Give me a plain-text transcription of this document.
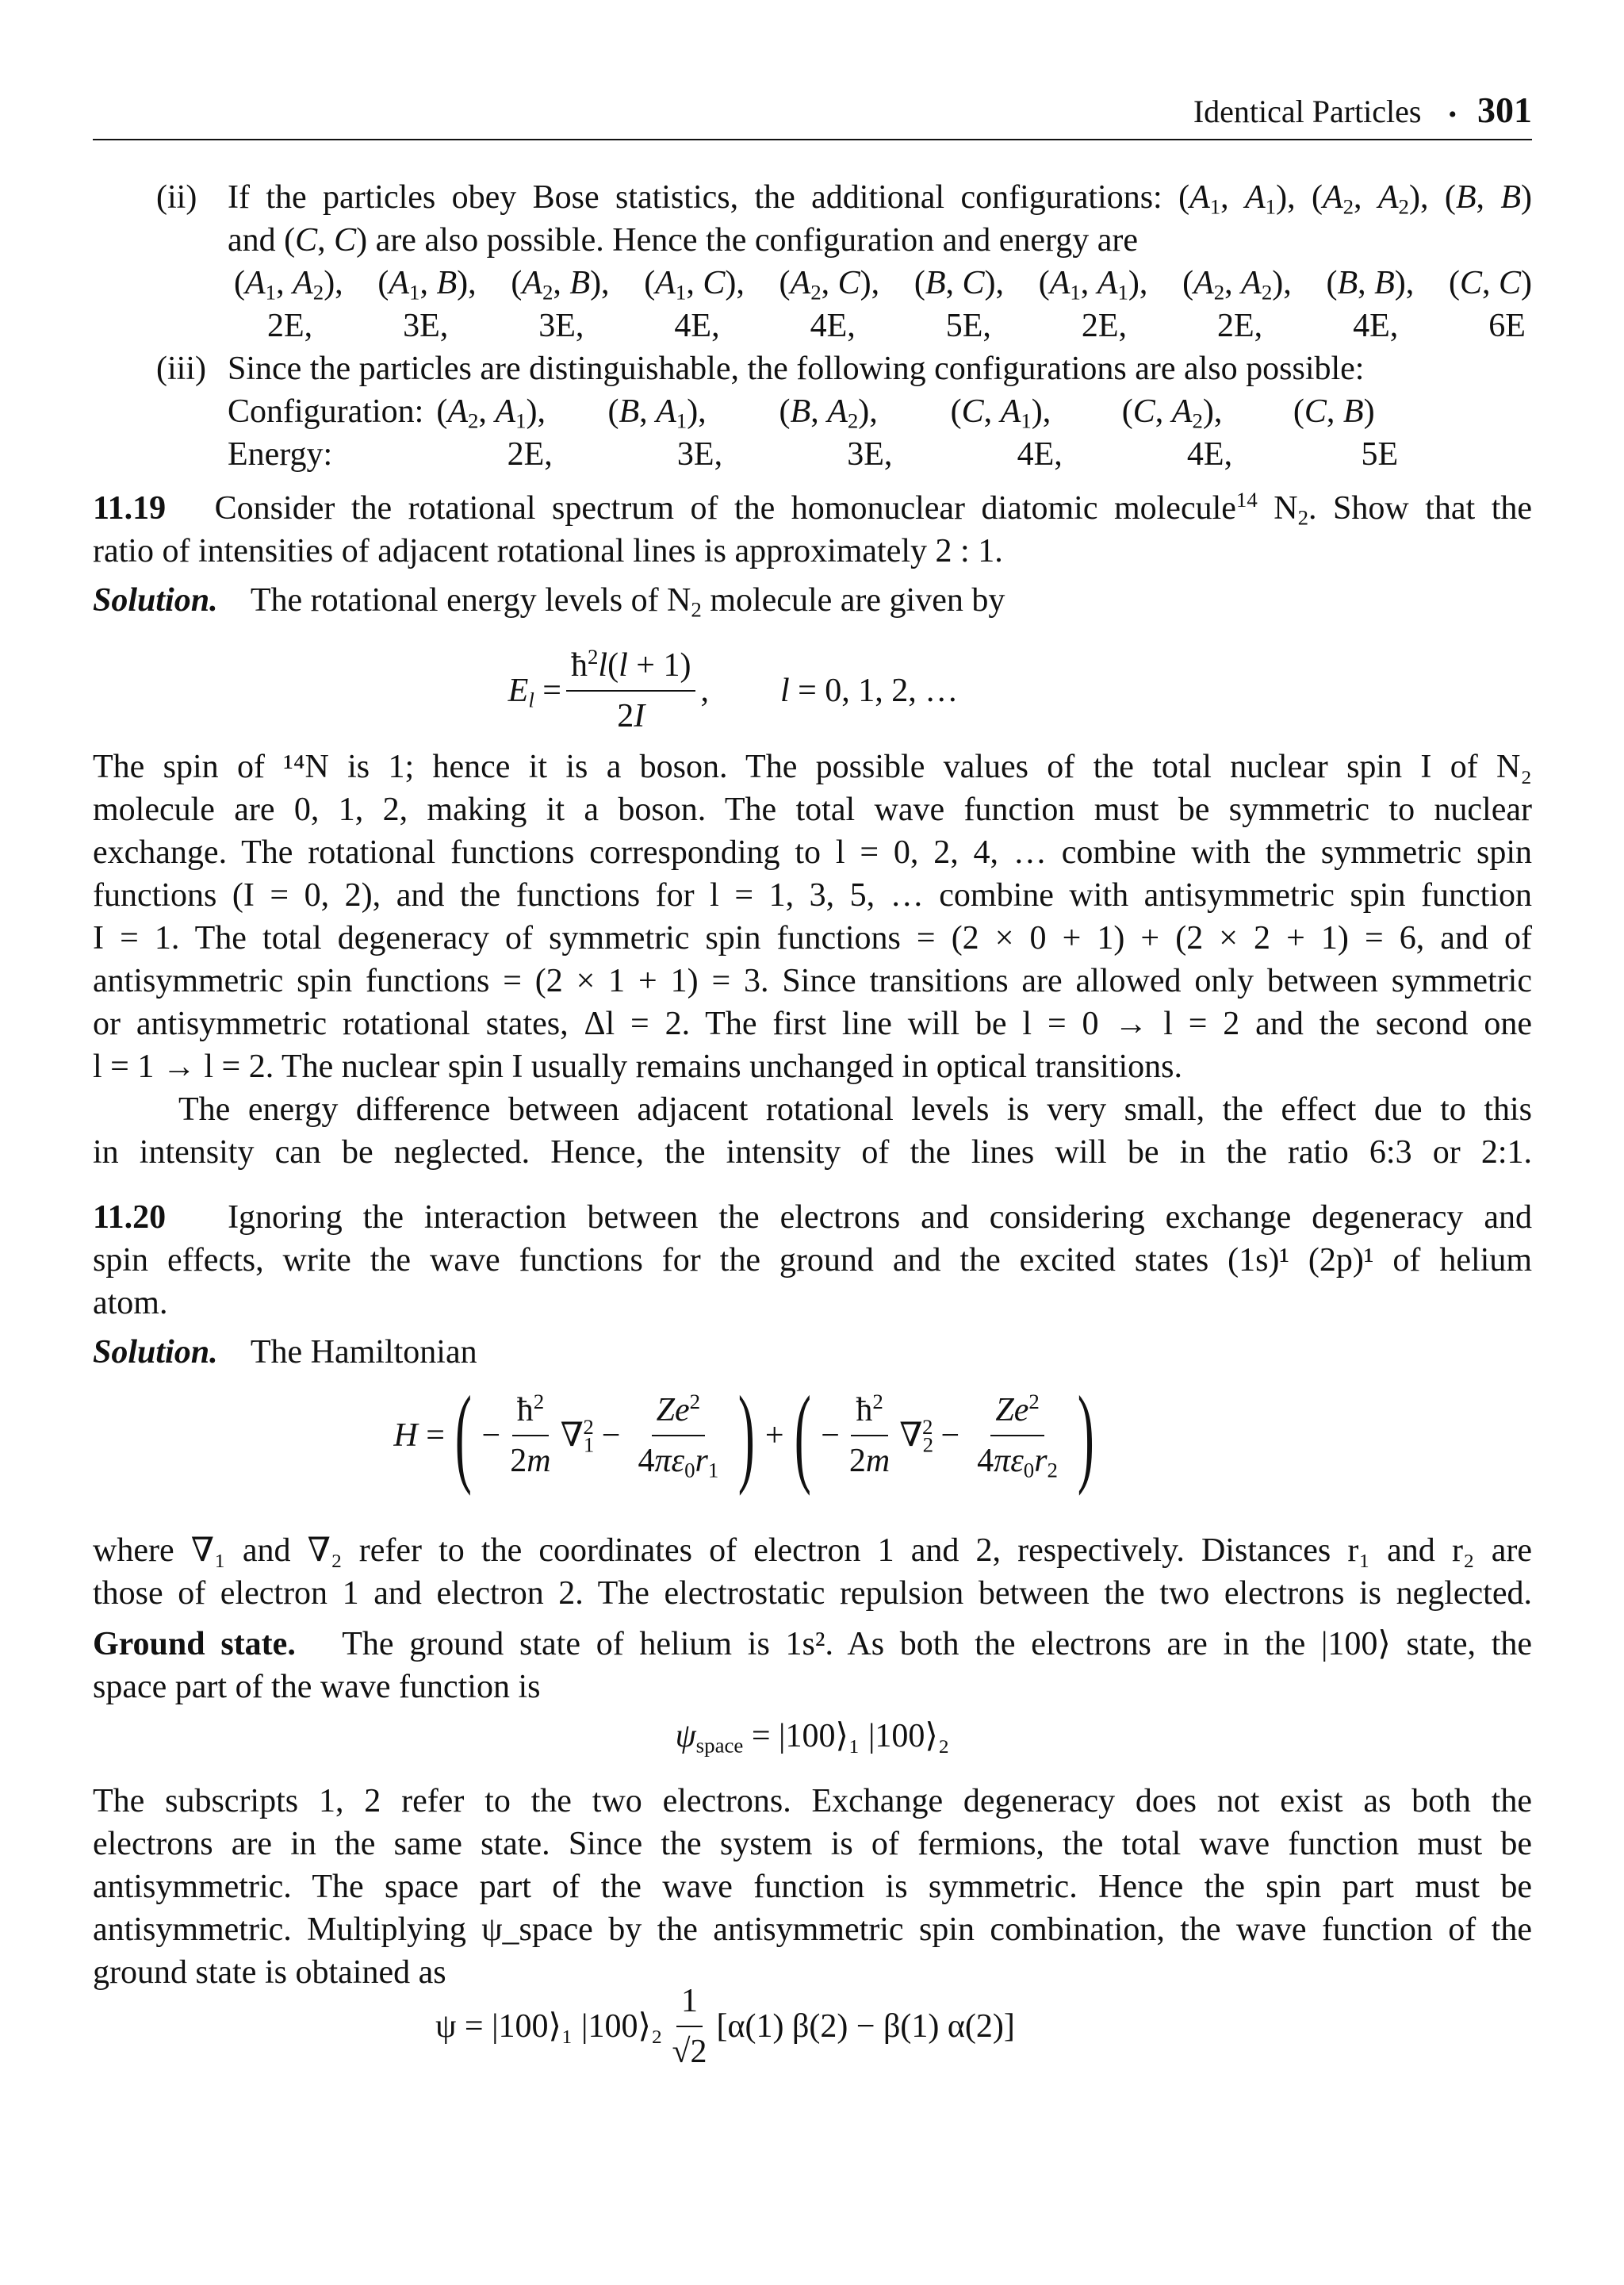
Identical Particles • 301
(ii) If the particles obey Bose statistics, the additional configurations: ($A_1$, $A_1$), ($A_2$, $A_2$), (B, B)
and (C, C) are also possible. Hence the configuration and energy are
($A_1$, $A_2$), ($A_1$, B), ($A_2$, B), ($A_1$, C), ($A_2$, C), (B, C), ($A_1$, $A_1$), ($A_2$, $A_2$), (B, B), (C, C)
2E,	3E,	3E,	4E,	4E,	5E,	2E,	2E,	4E,	6E
(iii) Since the particles are distinguishable, the following configurations are also possible:
Configuration: ($A_2$, $A_1$),	(B, $A_1$),	(B, $A_2$),	(C, $A_1$),	(C, $A_2$),	(C, B)
Energy:	2E,	3E,	3E,	4E,	4E,	5E
11.19 Consider the rotational spectrum of the homonuclear diatomic molecule$^{14}$ $N_2$. Show that the
ratio of intensities of adjacent rotational lines is approximately 2 : 1.
Solution. The rotational energy levels of $N_2$ molecule are given by
$E_l = \frac{ħ^2l(l + 1)}{2I}$ , l = 0, 1, 2, …
The spin of ¹⁴N is 1; hence it is a boson. The possible values of the total nuclear spin I of N₂
molecule are 0, 1, 2, making it a boson. The total wave function must be symmetric to nuclear
exchange. The rotational functions corresponding to l = 0, 2, 4, … combine with the symmetric spin
functions (I = 0, 2), and the functions for l = 1, 3, 5, … combine with antisymmetric spin function
I = 1. The total degeneracy of symmetric spin functions = (2 × 0 + 1) + (2 × 2 + 1) = 6, and of
antisymmetric spin functions = (2 × 1 + 1) = 3. Since transitions are allowed only between symmetric
or antisymmetric rotational states, Δl = 2. The first line will be l = 0 → l = 2 and the second one
l = 1 → l = 2. The nuclear spin I usually remains unchanged in optical transitions.
The energy difference between adjacent rotational levels is very small, the effect due to this
in intensity can be neglected. Hence, the intensity of the lines will be in the ratio 6:3 or 2:1.
11.20 Ignoring the interaction between the electrons and considering exchange degeneracy and
spin effects, write the wave functions for the ground and the excited states (1s)¹ (2p)¹ of helium
atom.
Solution. The Hamiltonian
H = ( − $\frac{ħ^2}{2m} \nabla_1^2 - \frac{Ze^2}{4\pi\varepsilon_0r_1}$ ) + ( − $\frac{ħ^2}{2m} \nabla_2^2 - \frac{Ze^2}{4\pi\varepsilon_0r_2}$ )
where ∇₁ and ∇₂ refer to the coordinates of electron 1 and 2, respectively. Distances r₁ and r₂ are
those of electron 1 and electron 2. The electrostatic repulsion between the two electrons is neglected.
Ground state. The ground state of helium is 1s². As both the electrons are in the |100⟩ state, the
space part of the wave function is
$\psi_{space}$ = |100⟩₁ |100⟩₂
The subscripts 1, 2 refer to the two electrons. Exchange degeneracy does not exist as both the
electrons are in the same state. Since the system is of fermions, the total wave function must be
antisymmetric. The space part of the wave function is symmetric. Hence the spin part must be
antisymmetric. Multiplying ψ_space by the antisymmetric spin combination, the wave function of the
ground state is obtained as
ψ = |100⟩₁ |100⟩₂ $\frac{1}{√2} [\alpha(1) \beta(2) - \beta(1)$ α(2)]
